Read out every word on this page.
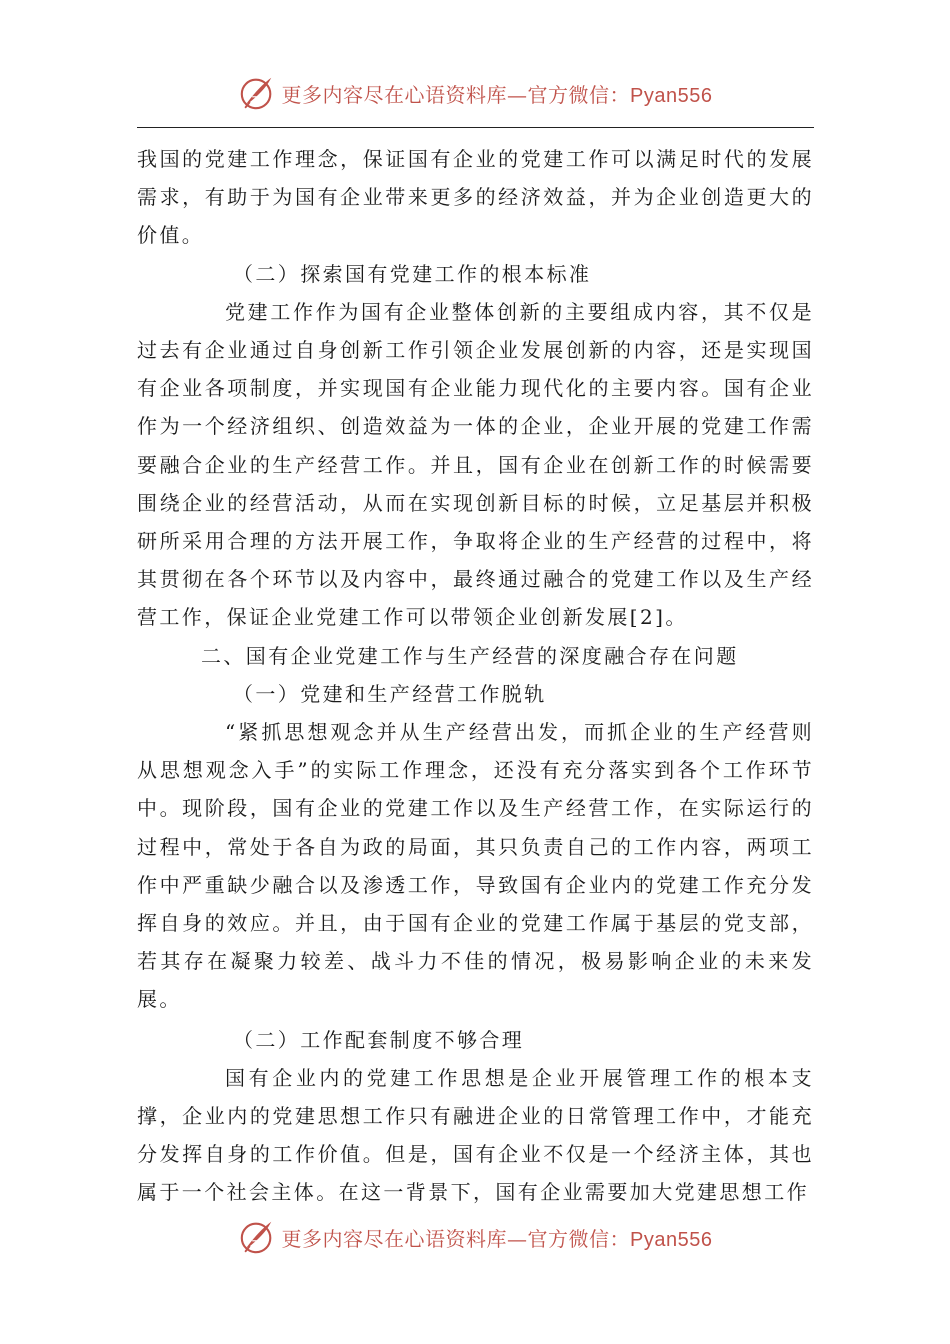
更多内容尽在心语资料库—官方微信：Pyan556

我国的党建工作理念，保证国有企业的党建工作可以满足时代的发展需求，有助于为国有企业带来更多的经济效益，并为企业创造更大的价值。

（二）探索国有党建工作的根本标准

党建工作作为国有企业整体创新的主要组成内容，其不仅是过去有企业通过自身创新工作引领企业发展创新的内容，还是实现国有企业各项制度，并实现国有企业能力现代化的主要内容。国有企业作为一个经济组织、创造效益为一体的企业，企业开展的党建工作需要融合企业的生产经营工作。并且，国有企业在创新工作的时候需要围绕企业的经营活动，从而在实现创新目标的时候，立足基层并积极研所采用合理的方法开展工作，争取将企业的生产经营的过程中，将其贯彻在各个环节以及内容中，最终通过融合的党建工作以及生产经营工作，保证企业党建工作可以带领企业创新发展[2]。

二、国有企业党建工作与生产经营的深度融合存在问题

（一）党建和生产经营工作脱轨

“紧抓思想观念并从生产经营出发，而抓企业的生产经营则从思想观念入手”的实际工作理念，还没有充分落实到各个工作环节中。现阶段，国有企业的党建工作以及生产经营工作，在实际运行的过程中，常处于各自为政的局面，其只负责自己的工作内容，两项工作中严重缺少融合以及渗透工作，导致国有企业内的党建工作充分发挥自身的效应。并且，由于国有企业的党建工作属于基层的党支部，若其存在凝聚力较差、战斗力不佳的情况，极易影响企业的未来发展。

（二）工作配套制度不够合理

国有企业内的党建工作思想是企业开展管理工作的根本支撑，企业内的党建思想工作只有融进企业的日常管理工作中，才能充分发挥自身的工作价值。但是，国有企业不仅是一个经济主体，其也属于一个社会主体。在这一背景下，国有企业需要加大党建思想工作

更多内容尽在心语资料库—官方微信：Pyan556
